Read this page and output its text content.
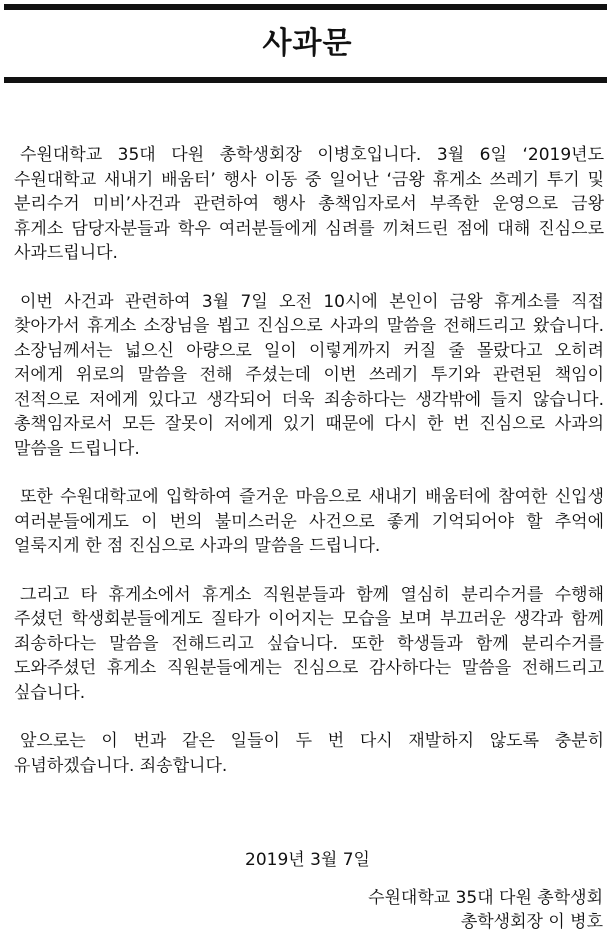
사과문

수원대학교 35대 다원 총학생회장 이병호입니다. 3월 6일 ‘2019년도 수원대학교 새내기 배움터’ 행사 이동 중 일어난 ‘금왕 휴게소 쓰레기 투기 및 분리수거 미비’사건과 관련하여 행사 총책임자로서 부족한 운영으로 금왕 휴게소 담당자분들과 학우 여러분들에게 심려를 끼쳐드린 점에 대해 진심으로 사과드립니다.

이번 사건과 관련하여 3월 7일 오전 10시에 본인이 금왕 휴게소를 직접 찾아가서 휴게소 소장님을 뵙고 진심으로 사과의 말씀을 전해드리고 왔습니다. 소장님께서는 넓으신 아량으로 일이 이렇게까지 커질 줄 몰랐다고 오히려 저에게 위로의 말씀을 전해 주셨는데 이번 쓰레기 투기와 관련된 책임이 전적으로 저에게 있다고 생각되어 더욱 죄송하다는 생각밖에 들지 않습니다. 총책임자로서 모든 잘못이 저에게 있기 때문에 다시 한 번 진심으로 사과의 말씀을 드립니다.

또한 수원대학교에 입학하여 즐거운 마음으로 새내기 배움터에 참여한 신입생 여러분들에게도 이 번의 불미스러운 사건으로 좋게 기억되어야 할 추억에 얼룩지게 한 점 진심으로 사과의 말씀을 드립니다.

그리고 타 휴게소에서 휴게소 직원분들과 함께 열심히 분리수거를 수행해 주셨던 학생회분들에게도 질타가 이어지는 모습을 보며 부끄러운 생각과 함께 죄송하다는 말씀을 전해드리고 싶습니다. 또한 학생들과 함께 분리수거를 도와주셨던 휴게소 직원분들에게는 진심으로 감사하다는 말씀을 전해드리고 싶습니다.

앞으로는 이 번과 같은 일들이 두 번 다시 재발하지 않도록 충분히 유념하겠습니다. 죄송합니다.

2019년 3월 7일
수원대학교 35대 다원 총학생회
총학생회장 이 병호
